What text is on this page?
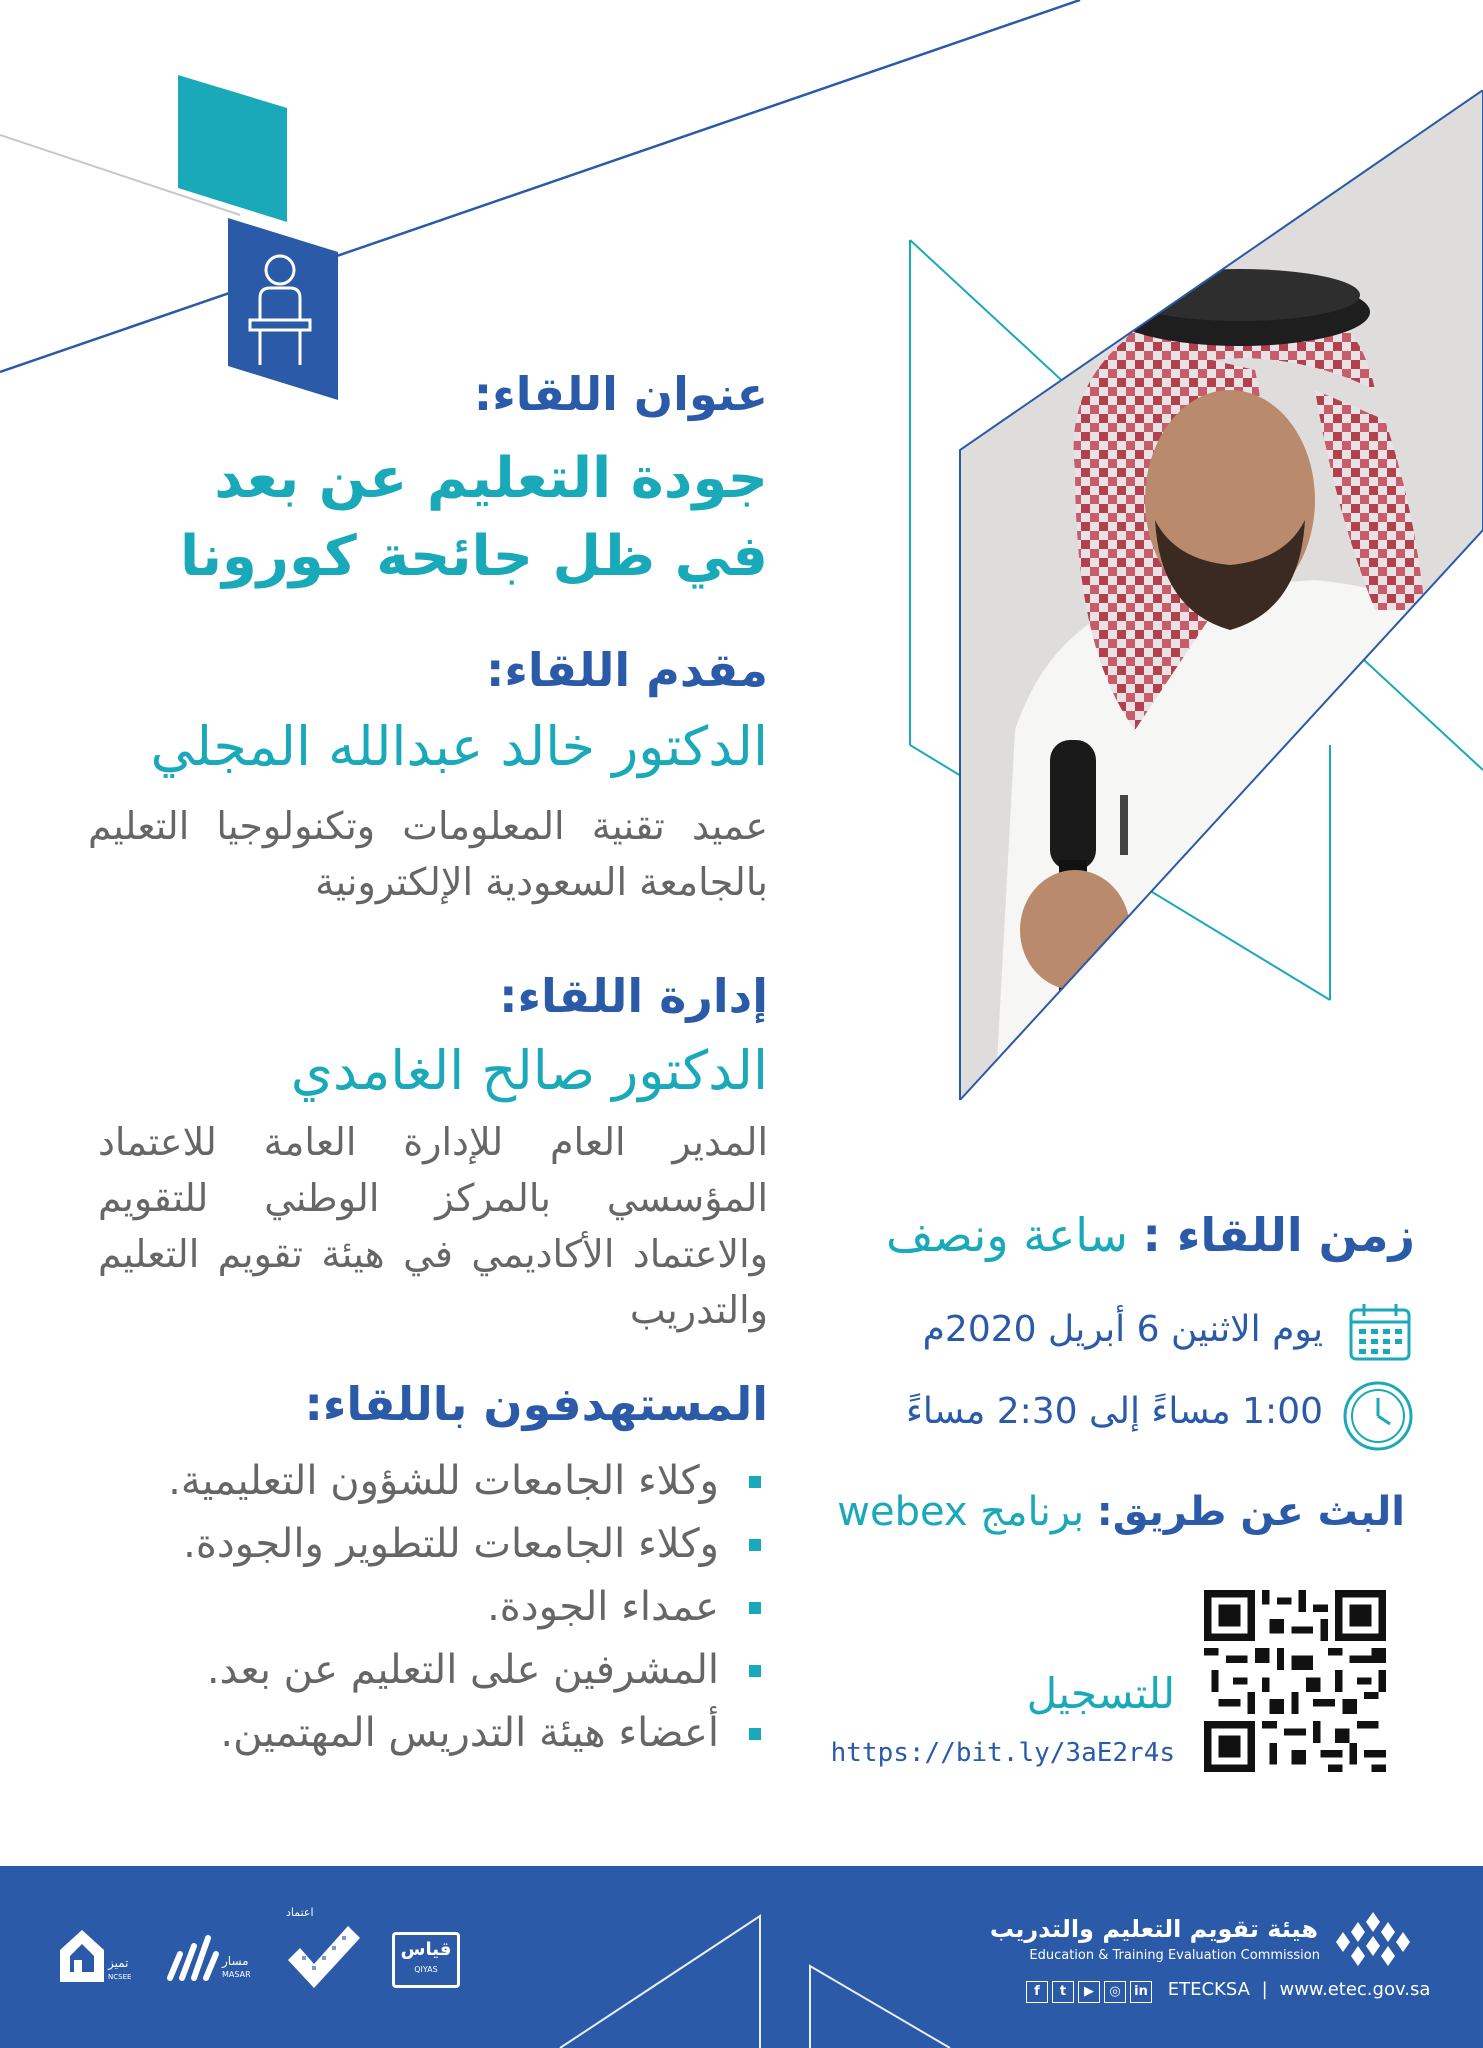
عنوان اللقاء:
جودة التعليم عن بعد
في ظل جائحة كورونا
مقدم اللقاء:
الدكتور خالد عبدالله المجلي
عميد تقنية المعلومات وتكنولوجيا التعليم بالجامعة السعودية الإلكترونية
إدارة اللقاء:
الدكتور صالح الغامدي
المدير العام للإدارة العامة للاعتماد المؤسسي بالمركز الوطني للتقويم والاعتماد الأكاديمي في هيئة تقويم التعليم والتدريب
المستهدفون باللقاء:
وكلاء الجامعات للشؤون التعليمية.
وكلاء الجامعات للتطوير والجودة.
عمداء الجودة.
المشرفين على التعليم عن بعد.
أعضاء هيئة التدريس المهتمين.
زمن اللقاء : ساعة ونصف
يوم الاثنين 6 أبريل 2020م
1:00 مساءً إلى 2:30 مساءً
البث عن طريق: برنامج webex
للتسجيل
https://bit.ly/3aE2r4s
هيئة تقويم التعليم والتدريب
Education & Training Evaluation Commission
f t ▶ ◎ in ETECKSA | www.etec.gov.sa
قياس
QIYAS
اعتماد
مسار
MASAR
تميز
NCSEE
